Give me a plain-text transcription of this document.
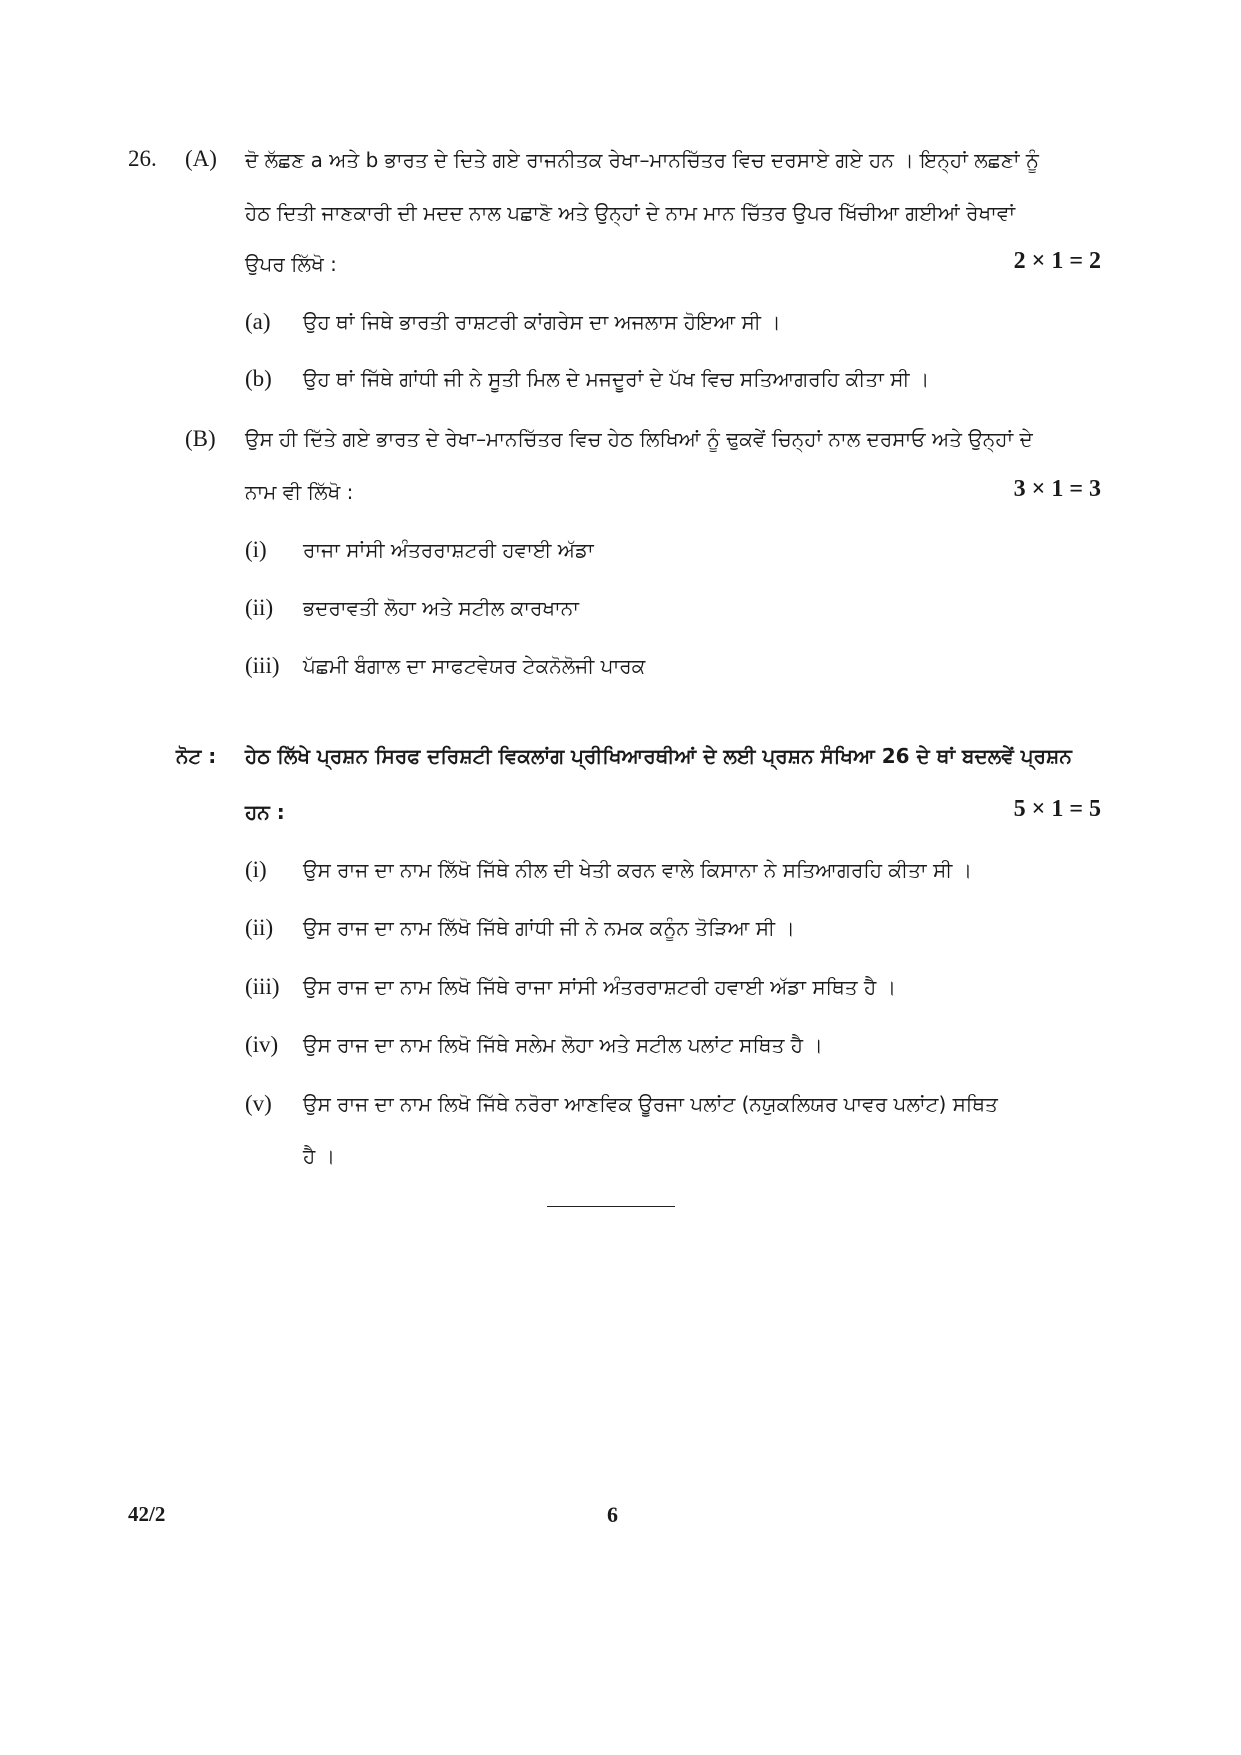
26. (A) ਦੋ ਲੱਛਣ a ਅਤੇ b ਭਾਰਤ ਦੇ ਦਿਤੇ ਗਏ ਰਾਜਨੀਤਕ ਰੇਖਾ–ਮਾਨਚਿੱਤਰ ਵਿਚ ਦਰਸਾਏ ਗਏ ਹਨ । ਇਨ੍ਹਾਂ ਲਛਣਾਂ ਨੂੰ
ਹੇਠ ਦਿਤੀ ਜਾਣਕਾਰੀ ਦੀ ਮਦਦ ਨਾਲ ਪਛਾਣੋ ਅਤੇ ਉਨ੍ਹਾਂ ਦੇ ਨਾਮ ਮਾਨ ਚਿੱਤਰ ਉਪਰ ਖਿੱਚੀਆ ਗਈਆਂ ਰੇਖਾਵਾਂ
ਉਪਰ ਲਿੱਖੋ :	2 × 1 = 2
(a) ਉਹ ਥਾਂ ਜਿਥੇ ਭਾਰਤੀ ਰਾਸ਼ਟਰੀ ਕਾਂਗਰੇਸ ਦਾ ਅਜਲਾਸ ਹੋਇਆ ਸੀ ।
(b) ਉਹ ਥਾਂ ਜਿੱਥੇ ਗਾਂਧੀ ਜੀ ਨੇ ਸੂਤੀ ਮਿਲ ਦੇ ਮਜਦੂਰਾਂ ਦੇ ਪੱਖ ਵਿਚ ਸਤਿਆਗਰਹਿ ਕੀਤਾ ਸੀ ।
(B) ਉਸ ਹੀ ਦਿੱਤੇ ਗਏ ਭਾਰਤ ਦੇ ਰੇਖਾ–ਮਾਨਚਿੱਤਰ ਵਿਚ ਹੇਠ ਲਿਖਿਆਂ ਨੂੰ ਢੁਕਵੇਂ ਚਿਨ੍ਹਾਂ ਨਾਲ ਦਰਸਾਓ ਅਤੇ ਉਨ੍ਹਾਂ ਦੇ
ਨਾਮ ਵੀ ਲਿੱਖੋ :	3 × 1 = 3
(i) ਰਾਜਾ ਸਾਂਸੀ ਅੰਤਰਰਾਸ਼ਟਰੀ ਹਵਾਈ ਅੱਡਾ
(ii) ਭਦਰਾਵਤੀ ਲੋਹਾ ਅਤੇ ਸਟੀਲ ਕਾਰਖਾਨਾ
(iii) ਪੱਛਮੀ ਬੰਗਾਲ ਦਾ ਸਾਫਟਵੇਯਰ ਟੇਕਨੋਲੋਜੀ ਪਾਰਕ
ਨੋਟ : ਹੇਠ ਲਿੱਖੇ ਪ੍ਰਸ਼ਨ ਸਿਰਫ ਦਰਿਸ਼ਟੀ ਵਿਕਲਾਂਗ ਪ੍ਰੀਖਿਆਰਥੀਆਂ ਦੇ ਲਈ ਪ੍ਰਸ਼ਨ ਸੰਖਿਆ 26 ਦੇ ਥਾਂ ਬਦਲਵੇਂ ਪ੍ਰਸ਼ਨ
ਹਨ :	5 × 1 = 5
(i) ਉਸ ਰਾਜ ਦਾ ਨਾਮ ਲਿੱਖੋ ਜਿੱਥੇ ਨੀਲ ਦੀ ਖੇਤੀ ਕਰਨ ਵਾਲੇ ਕਿਸਾਨਾ ਨੇ ਸਤਿਆਗਰਹਿ ਕੀਤਾ ਸੀ ।
(ii) ਉਸ ਰਾਜ ਦਾ ਨਾਮ ਲਿੱਖੋ ਜਿੱਥੇ ਗਾਂਧੀ ਜੀ ਨੇ ਨਮਕ ਕਨੂੰਨ ਤੋੜਿਆ ਸੀ ।
(iii) ਉਸ ਰਾਜ ਦਾ ਨਾਮ ਲਿਖੋ ਜਿੱਥੇ ਰਾਜਾ ਸਾਂਸੀ ਅੰਤਰਰਾਸ਼ਟਰੀ ਹਵਾਈ ਅੱਡਾ ਸਥਿਤ ਹੈ ।
(iv) ਉਸ ਰਾਜ ਦਾ ਨਾਮ ਲਿਖੋ ਜਿੱਥੇ ਸਲੇਮ ਲੋਹਾ ਅਤੇ ਸਟੀਲ ਪਲਾਂਟ ਸਥਿਤ ਹੈ ।
(v) ਉਸ ਰਾਜ ਦਾ ਨਾਮ ਲਿਖੋ ਜਿੱਥੇ ਨਰੋਰਾ ਆਣਵਿਕ ਊਰਜਾ ਪਲਾਂਟ (ਨਯੁਕਲਿਯਰ ਪਾਵਰ ਪਲਾਂਟ) ਸਥਿਤ
ਹੈ ।
42/2	6
